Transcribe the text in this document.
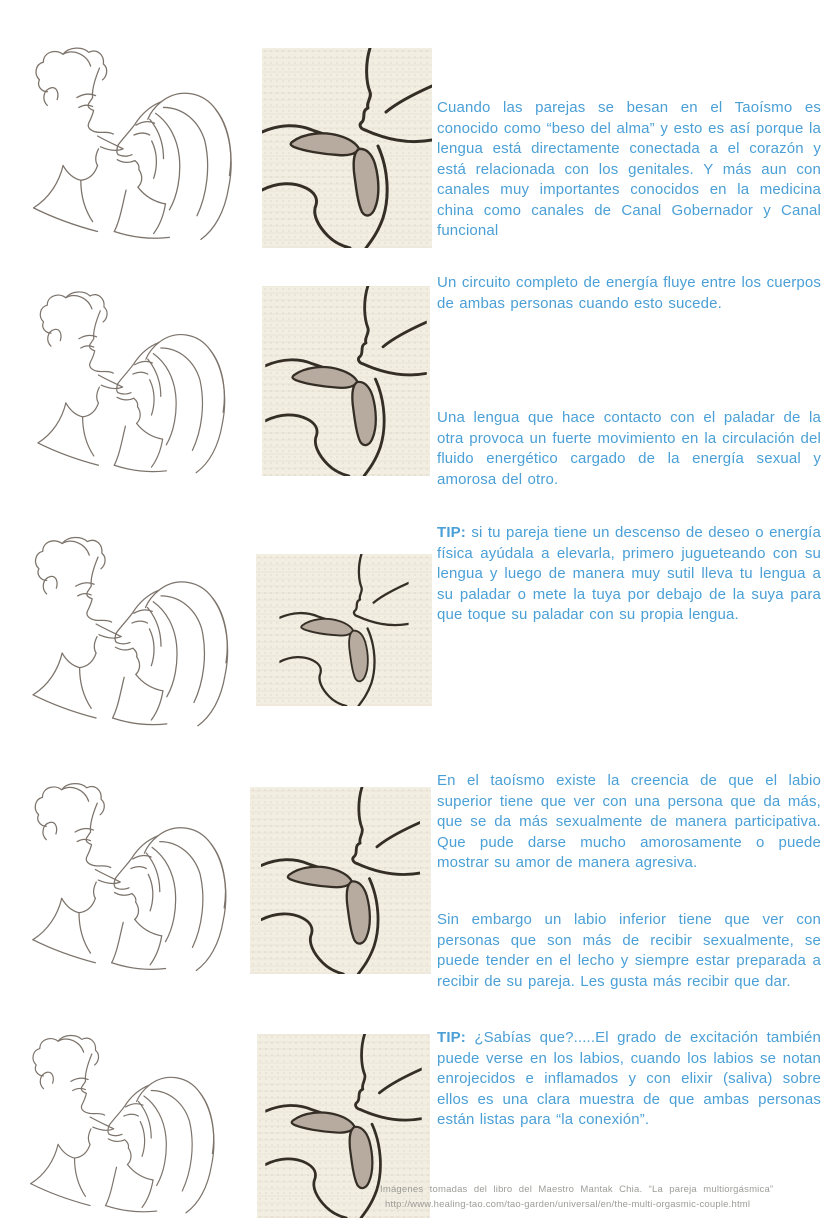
Cuando las parejas se besan en el Taoísmo es conocido como “beso del alma” y esto es así porque la lengua está directamente conectada a el corazón y está relacionada con los genitales. Y más aun con canales muy importantes conocidos en la medicina china como canales de Canal Gobernador y Canal funcional

Un circuito completo de energía fluye entre los cuerpos de ambas personas cuando esto sucede.

Una lengua que hace contacto con el paladar de la otra provoca un fuerte movimiento en la circulación del fluido energético cargado de la energía sexual y amorosa del otro.

TIP: si tu pareja tiene un descenso de deseo o energía física ayúdala a elevarla, primero jugueteando con su lengua y luego de manera muy sutil lleva tu lengua a su paladar o mete la tuya por debajo de la suya para que toque su paladar con su propia lengua.

En el taoísmo existe la creencia de que el labio superior tiene que ver con una persona que da más, que se da más sexualmente de manera participativa. Que pude darse mucho amorosamente o puede mostrar su amor de manera agresiva.

Sin embargo un labio inferior tiene que ver con personas que son más de recibir sexualmente, se puede tender en el lecho y siempre estar preparada a recibir de su pareja. Les gusta más recibir que dar.

TIP: ¿Sabías que?.....El grado de excitación también puede verse en los labios, cuando los labios se notan enrojecidos e inflamados y con elixir (saliva) sobre ellos es una clara muestra de que ambas personas están listas para “la conexión”.

Imágenes tomadas del libro del Maestro Mantak Chia. “La pareja multiorgásmica”
http://www.healing-tao.com/tao-garden/universal/en/the-multi-orgasmic-couple.html
